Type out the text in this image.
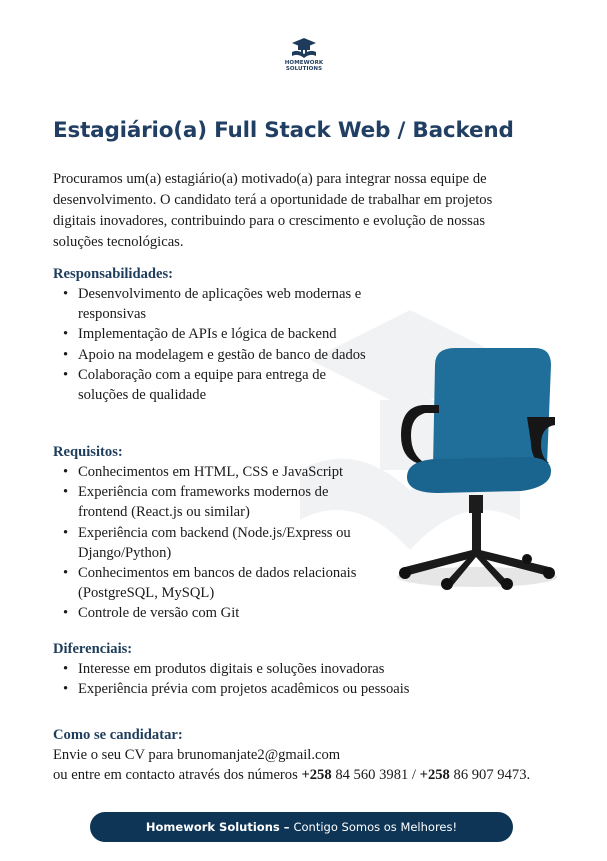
HOMEWORK
SOLUTIONS
Estagiário(a) Full Stack Web / Backend
Procuramos um(a) estagiário(a) motivado(a) para integrar nossa equipe de desenvolvimento. O candidato terá a oportunidade de trabalhar em projetos digitais inovadores, contribuindo para o crescimento e evolução de nossas soluções tecnológicas.
Responsabilidades:
• Desenvolvimento de aplicações web modernas e responsivas
• Implementação de APIs e lógica de backend
• Apoio na modelagem e gestão de banco de dados
• Colaboração com a equipe para entrega de soluções de qualidade
Requisitos:
• Conhecimentos em HTML, CSS e JavaScript
• Experiência com frameworks modernos de frontend (React.js ou similar)
• Experiência com backend (Node.js/Express ou Django/Python)
• Conhecimentos em bancos de dados relacionais (PostgreSQL, MySQL)
• Controle de versão com Git
Diferenciais:
• Interesse em produtos digitais e soluções inovadoras
• Experiência prévia com projetos acadêmicos ou pessoais
Como se candidatar:
Envie o seu CV para brunomanjate2@gmail.com
ou entre em contacto através dos números +258 84 560 3981 / +258 86 907 9473.
Homework Solutions – Contigo Somos os Melhores!
